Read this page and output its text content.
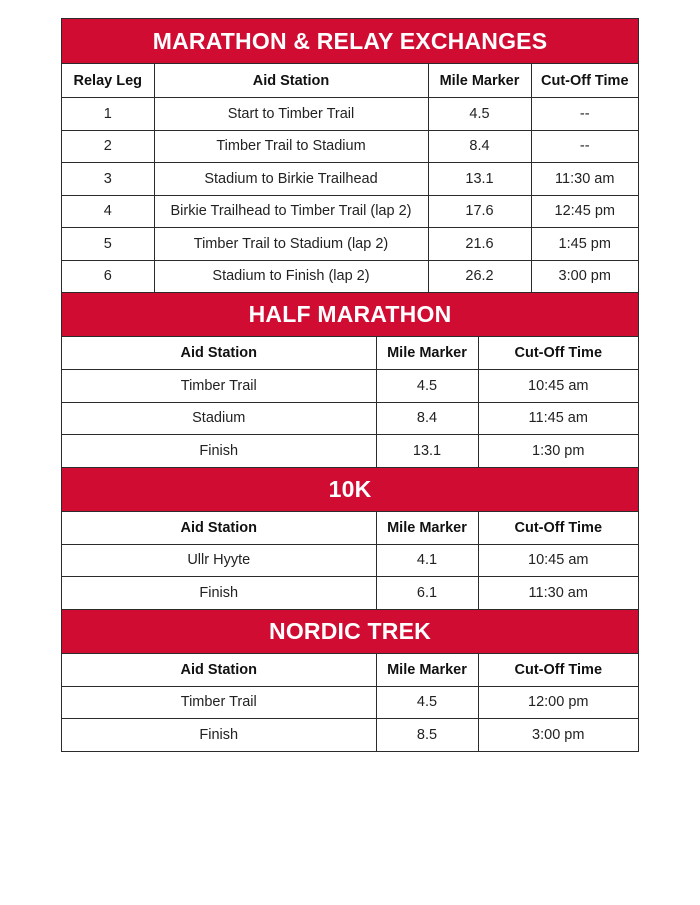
MARATHON & RELAY EXCHANGES
Relay Leg	Aid Station	Mile Marker	Cut-Off Time
1	Start to Timber Trail	4.5	--
2	Timber Trail to Stadium	8.4	--
3	Stadium to Birkie Trailhead	13.1	11:30 am
4	Birkie Trailhead to Timber Trail (lap 2)	17.6	12:45 pm
5	Timber Trail to Stadium (lap 2)	21.6	1:45 pm
6	Stadium to Finish (lap 2)	26.2	3:00 pm
HALF MARATHON
Aid Station	Mile Marker	Cut-Off Time
Timber Trail	4.5	10:45 am
Stadium	8.4	11:45 am
Finish	13.1	1:30 pm
10K
Aid Station	Mile Marker	Cut-Off Time
Ullr Hyyte	4.1	10:45 am
Finish	6.1	11:30 am
NORDIC TREK
Aid Station	Mile Marker	Cut-Off Time
Timber Trail	4.5	12:00 pm
Finish	8.5	3:00 pm
